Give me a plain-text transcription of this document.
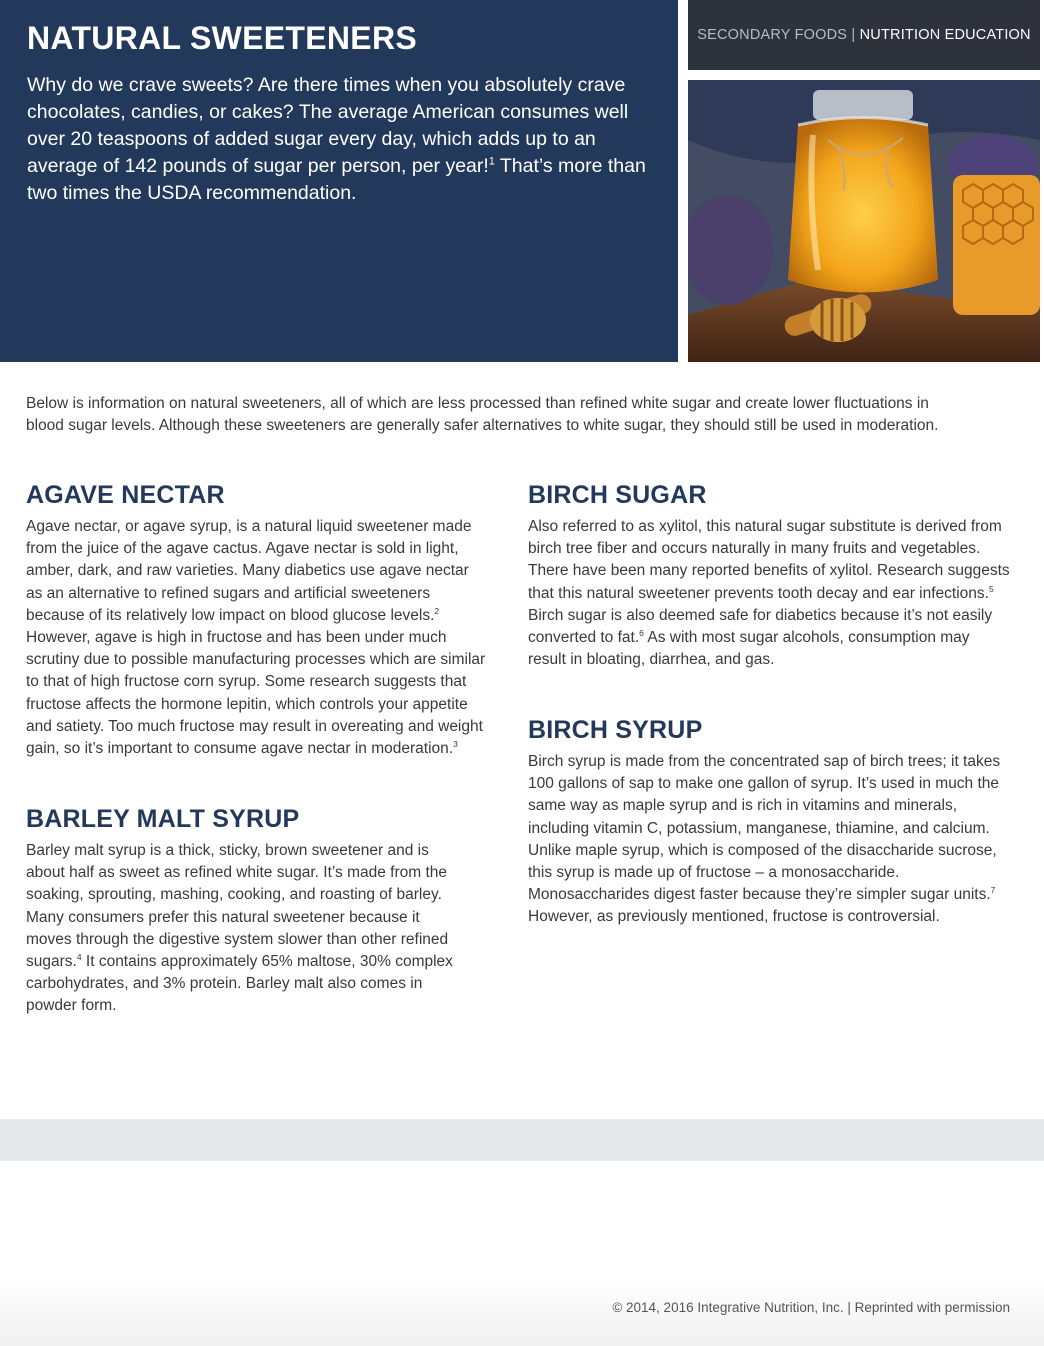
NATURAL SWEETENERS

Why do we crave sweets? Are there times when you absolutely crave chocolates, candies, or cakes? The average American consumes well over 20 teaspoons of added sugar every day, which adds up to an average of 142 pounds of sugar per person, per year!$^1$ That’s more than two times the USDA recommendation.

SECONDARY FOODS | NUTRITION EDUCATION

Below is information on natural sweeteners, all of which are less processed than refined white sugar and create lower fluctuations in blood sugar levels. Although these sweeteners are generally safer alternatives to white sugar, they should still be used in moderation.

AGAVE NECTAR

Agave nectar, or agave syrup, is a natural liquid sweetener made from the juice of the agave cactus. Agave nectar is sold in light, amber, dark, and raw varieties. Many diabetics use agave nectar as an alternative to refined sugars and artificial sweeteners because of its relatively low impact on blood glucose levels.$^2$ However, agave is high in fructose and has been under much scrutiny due to possible manufacturing processes which are similar to that of high fructose corn syrup. Some research suggests that fructose affects the hormone lepitin, which controls your appetite and satiety. Too much fructose may result in overeating and weight gain, so it’s important to consume agave nectar in moderation.$^3$

BARLEY MALT SYRUP

Barley malt syrup is a thick, sticky, brown sweetener and is about half as sweet as refined white sugar. It’s made from the soaking, sprouting, mashing, cooking, and roasting of barley. Many consumers prefer this natural sweetener because it moves through the digestive system slower than other refined sugars.$^4$ It contains approximately 65% maltose, 30% complex carbohydrates, and 3% protein. Barley malt also comes in powder form.

BIRCH SUGAR

Also referred to as xylitol, this natural sugar substitute is derived from birch tree fiber and occurs naturally in many fruits and vegetables. There have been many reported benefits of xylitol. Research suggests that this natural sweetener prevents tooth decay and ear infections.$^5$ Birch sugar is also deemed safe for diabetics because it’s not easily converted to fat.$^6$ As with most sugar alcohols, consumption may result in bloating, diarrhea, and gas.

BIRCH SYRUP

Birch syrup is made from the concentrated sap of birch trees; it takes 100 gallons of sap to make one gallon of syrup. It’s used in much the same way as maple syrup and is rich in vitamins and minerals, including vitamin C, potassium, manganese, thiamine, and calcium. Unlike maple syrup, which is composed of the disaccharide sucrose, this syrup is made up of fructose – a monosaccharide. Monosaccharides digest faster because they’re simpler sugar units.$^7$ However, as previously mentioned, fructose is controversial.

© 2014, 2016 Integrative Nutrition, Inc. | Reprinted with permission
